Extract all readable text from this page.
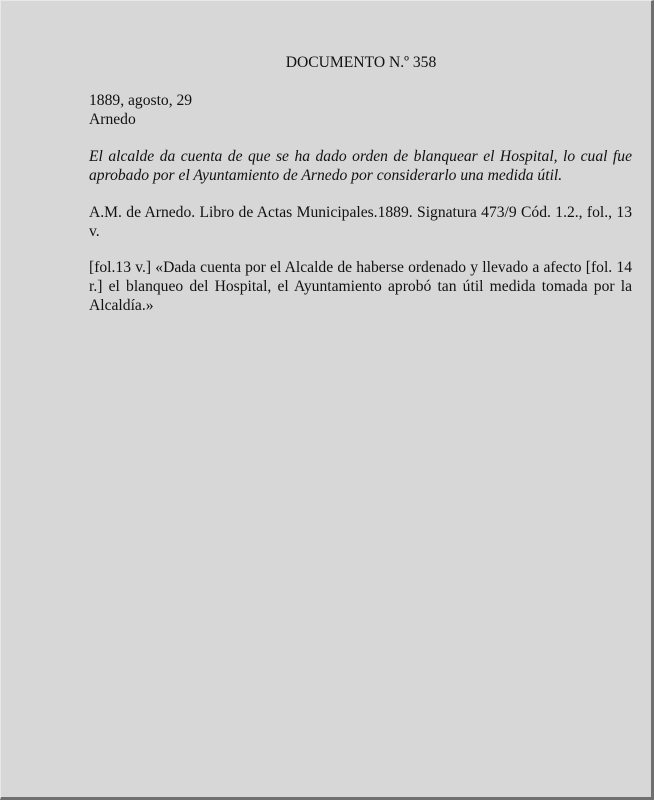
DOCUMENTO N.º 358

1889, agosto, 29

Arnedo

El alcalde da cuenta de que se ha dado orden de blanquear el Hospital, lo cual fue aprobado por el Ayuntamiento de Arnedo por considerarlo una medida útil.

A.M. de Arnedo. Libro de Actas Municipales.1889. Signatura 473/9 Cód. 1.2., fol., 13 v.

[fol.13 v.] «Dada cuenta por el Alcalde de haberse ordenado y llevado a afecto [fol. 14 r.] el blanqueo del Hospital, el Ayuntamiento aprobó tan útil medida tomada por la Alcaldía.»
